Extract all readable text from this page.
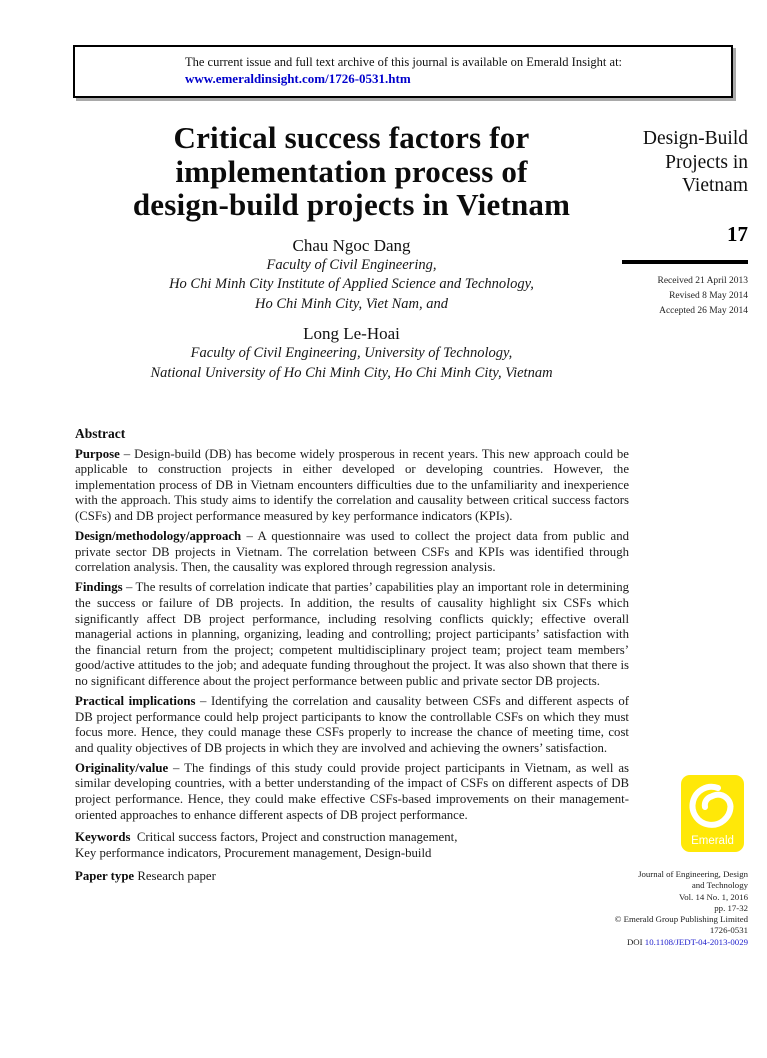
The current issue and full text archive of this journal is available on Emerald Insight at:
www.emeraldinsight.com/1726-0531.htm
Critical success factors for
implementation process of
design-build projects in Vietnam
Chau Ngoc Dang
Faculty of Civil Engineering,
Ho Chi Minh City Institute of Applied Science and Technology,
Ho Chi Minh City, Viet Nam, and
Long Le-Hoai
Faculty of Civil Engineering, University of Technology,
National University of Ho Chi Minh City, Ho Chi Minh City, Vietnam
Abstract

Purpose – Design-build (DB) has become widely prosperous in recent years. This new approach could be applicable to construction projects in either developed or developing countries. However, the implementation process of DB in Vietnam encounters difficulties due to the unfamiliarity and inexperience with the approach. This study aims to identify the correlation and causality between critical success factors (CSFs) and DB project performance measured by key performance indicators (KPIs).

Design/methodology/approach – A questionnaire was used to collect the project data from public and private sector DB projects in Vietnam. The correlation between CSFs and KPIs was identified through correlation analysis. Then, the causality was explored through regression analysis.

Findings – The results of correlation indicate that parties’ capabilities play an important role in determining the success or failure of DB projects. In addition, the results of causality highlight six CSFs which significantly affect DB project performance, including resolving conflicts quickly; effective overall managerial actions in planning, organizing, leading and controlling; project participants’ satisfaction with the financial return from the project; competent multidisciplinary project team; project team members’ good/active attitudes to the job; and adequate funding throughout the project. It was also shown that there is no significant difference about the project performance between public and private sector DB projects.

Practical implications – Identifying the correlation and causality between CSFs and different aspects of DB project performance could help project participants to know the controllable CSFs on which they must focus more. Hence, they could manage these CSFs properly to increase the chance of meeting time, cost and quality objectives of DB projects in which they are involved and achieving the owners’ satisfaction.

Originality/value – The findings of this study could provide project participants in Vietnam, as well as similar developing countries, with a better understanding of the impact of CSFs on different aspects of DB project performance. Hence, they could make effective CSFs-based improvements on their management-oriented approaches to enhance different aspects of DB project performance.

Keywords Critical success factors, Project and construction management,
Key performance indicators, Procurement management, Design-build
Paper type Research paper
Design-Build
Projects in
Vietnam
17
Received 21 April 2013
Revised 8 May 2014
Accepted 26 May 2014
Emerald
Journal of Engineering, Design
and Technology
Vol. 14 No. 1, 2016
pp. 17-32
© Emerald Group Publishing Limited
1726-0531
DOI 10.1108/JEDT-04-2013-0029
